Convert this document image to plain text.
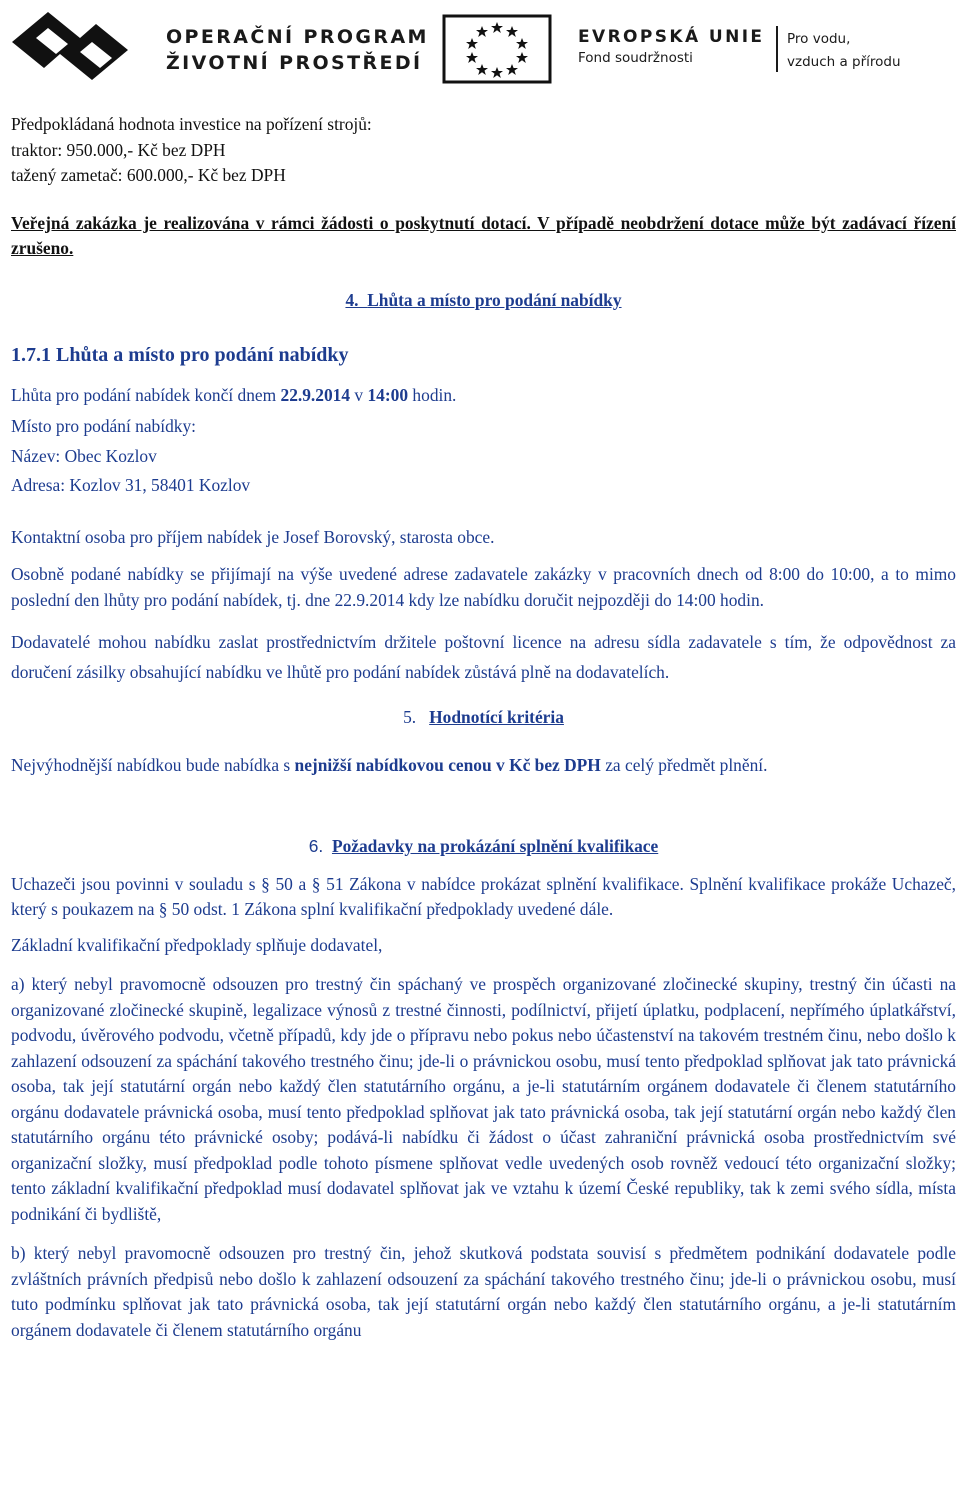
OPERAČNÍ PROGRAM
ŽIVOTNÍ PROSTŘEDÍ
EVROPSKÁ UNIE
Fond soudržnosti
Pro vodu,
vzduch a přírodu

Předpokládaná hodnota investice na pořízení strojů:

traktor: 950.000,- Kč bez DPH

tažený zametač: 600.000,- Kč bez DPH

Veřejná zakázka je realizována v rámci žádosti o poskytnutí dotací. V případě neobdržení dotace může být zadávací řízení zrušeno.

4. Lhůta a místo pro podání nabídky

1.7.1 Lhůta a místo pro podání nabídky

Lhůta pro podání nabídek končí dnem 22.9.2014 v 14:00 hodin.

Místo pro podání nabídky:

Název: Obec Kozlov

Adresa: Kozlov 31, 58401 Kozlov

Kontaktní osoba pro příjem nabídek je Josef Borovský, starosta obce.

Osobně podané nabídky se přijímají na výše uvedené adrese zadavatele zakázky v pracovních dnech od 8:00 do 10:00, a to mimo poslední den lhůty pro podání nabídek, tj. dne 22.9.2014 kdy lze nabídku doručit nejpozději do 14:00 hodin.

Dodavatelé mohou nabídku zaslat prostřednictvím držitele poštovní licence na adresu sídla zadavatele s tím, že odpovědnost za doručení zásilky obsahující nabídku ve lhůtě pro podání nabídek zůstává plně na dodavatelích.

5. Hodnotící kritéria

Nejvýhodnější nabídkou bude nabídka s nejnižší nabídkovou cenou v Kč bez DPH za celý předmět plnění.

6. Požadavky na prokázání splnění kvalifikace

Uchazeči jsou povinni v souladu s § 50 a § 51 Zákona v nabídce prokázat splnění kvalifikace. Splnění kvalifikace prokáže Uchazeč, který s poukazem na § 50 odst. 1 Zákona splní kvalifikační předpoklady uvedené dále.

Základní kvalifikační předpoklady splňuje dodavatel,

a) který nebyl pravomocně odsouzen pro trestný čin spáchaný ve prospěch organizované zločinecké skupiny, trestný čin účasti na organizované zločinecké skupině, legalizace výnosů z trestné činnosti, podílnictví, přijetí úplatku, podplacení, nepřímého úplatkářství, podvodu, úvěrového podvodu, včetně případů, kdy jde o přípravu nebo pokus nebo účastenství na takovém trestném činu, nebo došlo k zahlazení odsouzení za spáchání takového trestného činu; jde-li o právnickou osobu, musí tento předpoklad splňovat jak tato právnická osoba, tak její statutární orgán nebo každý člen statutárního orgánu, a je-li statutárním orgánem dodavatele či členem statutárního orgánu dodavatele právnická osoba, musí tento předpoklad splňovat jak tato právnická osoba, tak její statutární orgán nebo každý člen statutárního orgánu této právnické osoby; podává-li nabídku či žádost o účast zahraniční právnická osoba prostřednictvím své organizační složky, musí předpoklad podle tohoto písmene splňovat vedle uvedených osob rovněž vedoucí této organizační složky; tento základní kvalifikační předpoklad musí dodavatel splňovat jak ve vztahu k území České republiky, tak k zemi svého sídla, místa podnikání či bydliště,

b) který nebyl pravomocně odsouzen pro trestný čin, jehož skutková podstata souvisí s předmětem podnikání dodavatele podle zvláštních právních předpisů nebo došlo k zahlazení odsouzení za spáchání takového trestného činu; jde-li o právnickou osobu, musí tuto podmínku splňovat jak tato právnická osoba, tak její statutární orgán nebo každý člen statutárního orgánu, a je-li statutárním orgánem dodavatele či členem statutárního orgánu
